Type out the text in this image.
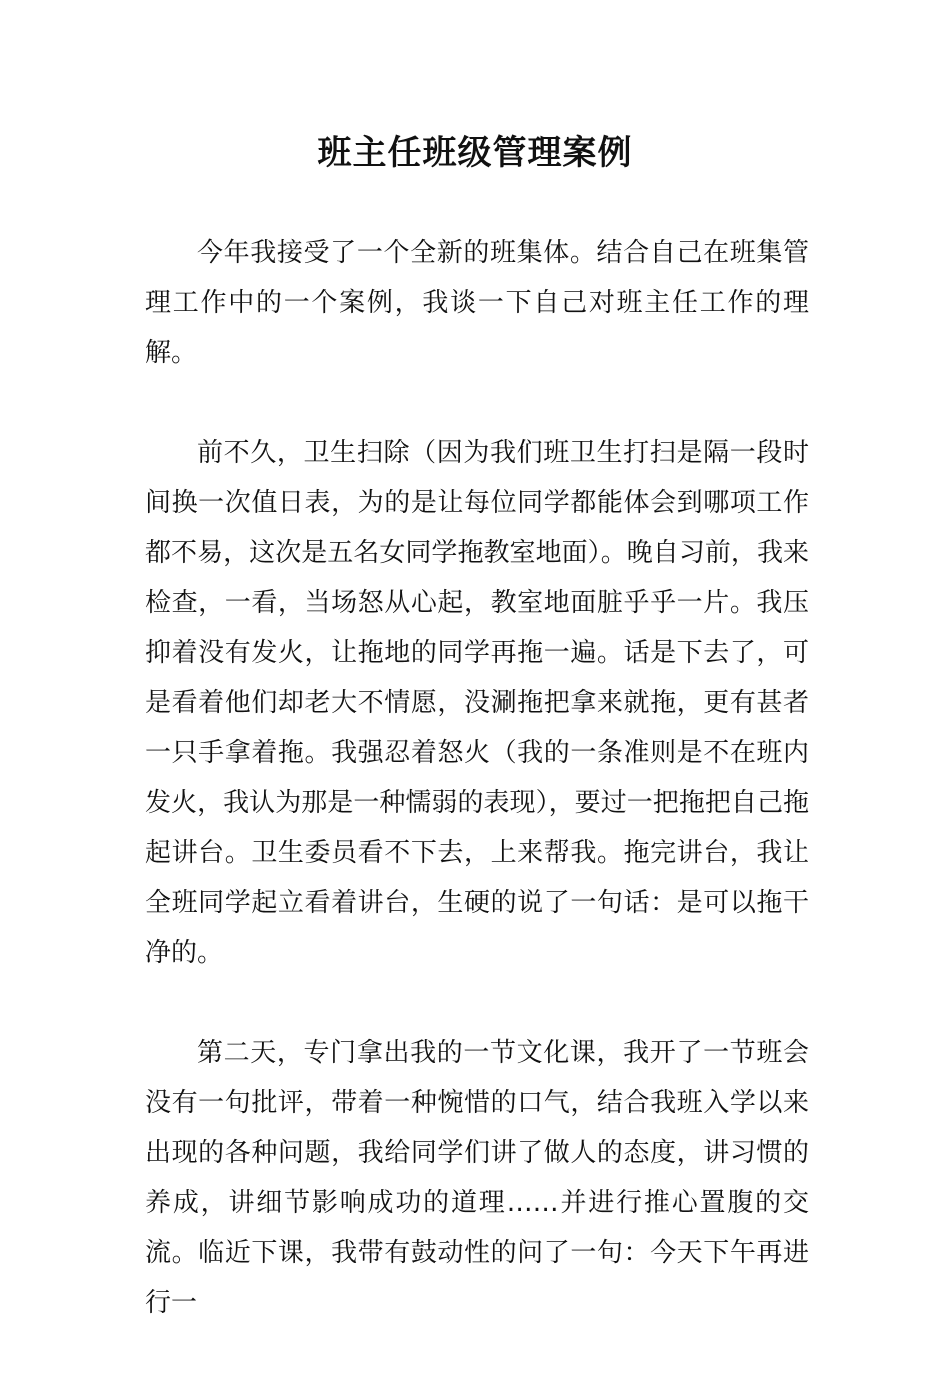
班主任班级管理案例

今年我接受了一个全新的班集体。结合自己在班集管理工作中的一个案例，我谈一下自己对班主任工作的理解。

前不久，卫生扫除（因为我们班卫生打扫是隔一段时间换一次值日表，为的是让每位同学都能体会到哪项工作都不易，这次是五名女同学拖教室地面）。晚自习前，我来检查，一看，当场怒从心起，教室地面脏乎乎一片。我压抑着没有发火，让拖地的同学再拖一遍。话是下去了，可是看着他们却老大不情愿，没涮拖把拿来就拖，更有甚者一只手拿着拖。我强忍着怒火（我的一条准则是不在班内发火，我认为那是一种懦弱的表现），要过一把拖把自己拖起讲台。卫生委员看不下去，上来帮我。拖完讲台，我让全班同学起立看着讲台，生硬的说了一句话：是可以拖干净的。

第二天，专门拿出我的一节文化课，我开了一节班会没有一句批评，带着一种惋惜的口气，结合我班入学以来出现的各种问题，我给同学们讲了做人的态度，讲习惯的养成，讲细节影响成功的道理……并进行推心置腹的交流。临近下课，我带有鼓动性的问了一句：今天下午再进行一
